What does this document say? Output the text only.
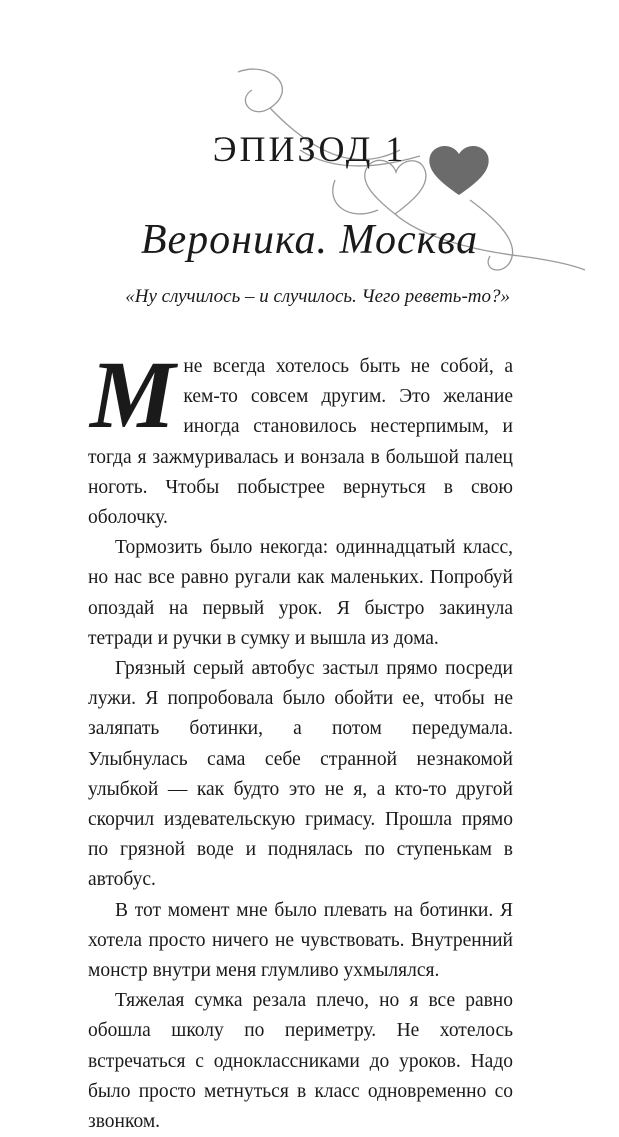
ЭПИЗОД 1
Вероника. Москва
«Ну случилось – и случилось. Чего реветь-то?»

Мне всегда хотелось быть не собой, а кем-то совсем другим. Это желание иногда становилось нестерпимым, и тогда я зажмуривалась и вонзала в большой палец ноготь. Чтобы побыстрее вернуться в свою оболочку.

Тормозить было некогда: одиннадцатый класс, но нас все равно ругали как маленьких. Попробуй опоздай на первый урок. Я быстро закинула тетради и ручки в сумку и вышла из дома.

Грязный серый автобус застыл прямо посреди лужи. Я попробовала было обойти ее, чтобы не заляпать ботинки, а потом передумала. Улыбнулась сама себе странной незнакомой улыбкой — как будто это не я, а кто-то другой скорчил издевательскую гримасу. Прошла прямо по грязной воде и поднялась по ступенькам в автобус.

В тот момент мне было плевать на ботинки. Я хотела просто ничего не чувствовать. Внутренний монстр внутри меня глумливо ухмылялся.

Тяжелая сумка резала плечо, но я все равно обошла школу по периметру. Не хотелось встречаться с одноклассниками до уроков. Надо было просто метнуться в класс одновременно со звонком.
